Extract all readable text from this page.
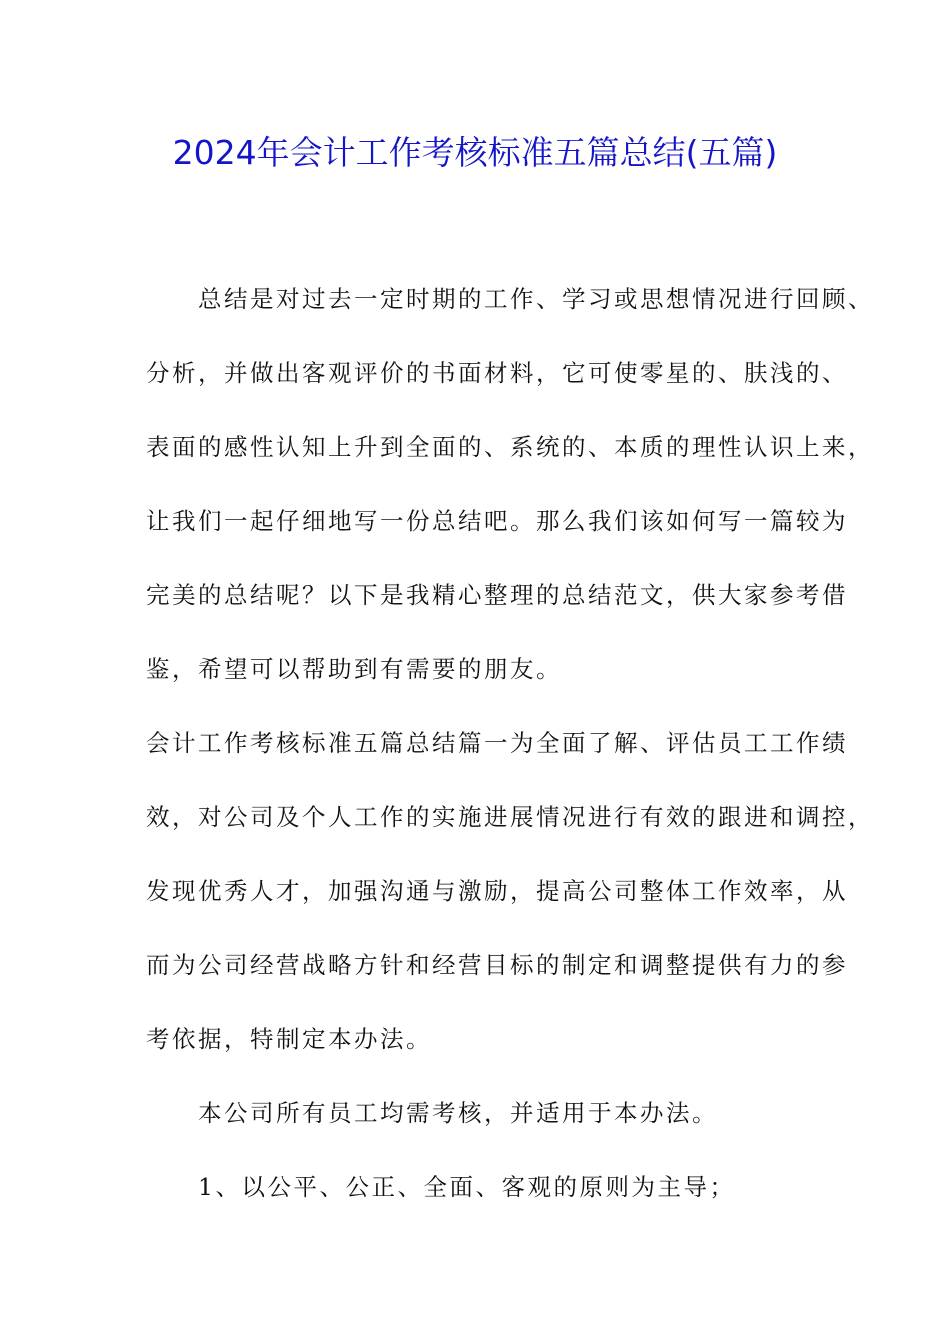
2024年会计工作考核标准五篇总结(五篇)
总结是对过去一定时期的工作、学习或思想情况进行回顾、
分析，并做出客观评价的书面材料，它可使零星的、肤浅的、
表面的感性认知上升到全面的、系统的、本质的理性认识上来，
让我们一起仔细地写一份总结吧。那么我们该如何写一篇较为
完美的总结呢？以下是我精心整理的总结范文，供大家参考借
鉴，希望可以帮助到有需要的朋友。
会计工作考核标准五篇总结篇一为全面了解、评估员工工作绩
效，对公司及个人工作的实施进展情况进行有效的跟进和调控，
发现优秀人才，加强沟通与激励，提高公司整体工作效率，从
而为公司经营战略方针和经营目标的制定和调整提供有力的参
考依据，特制定本办法。
本公司所有员工均需考核，并适用于本办法。
1、以公平、公正、全面、客观的原则为主导；
